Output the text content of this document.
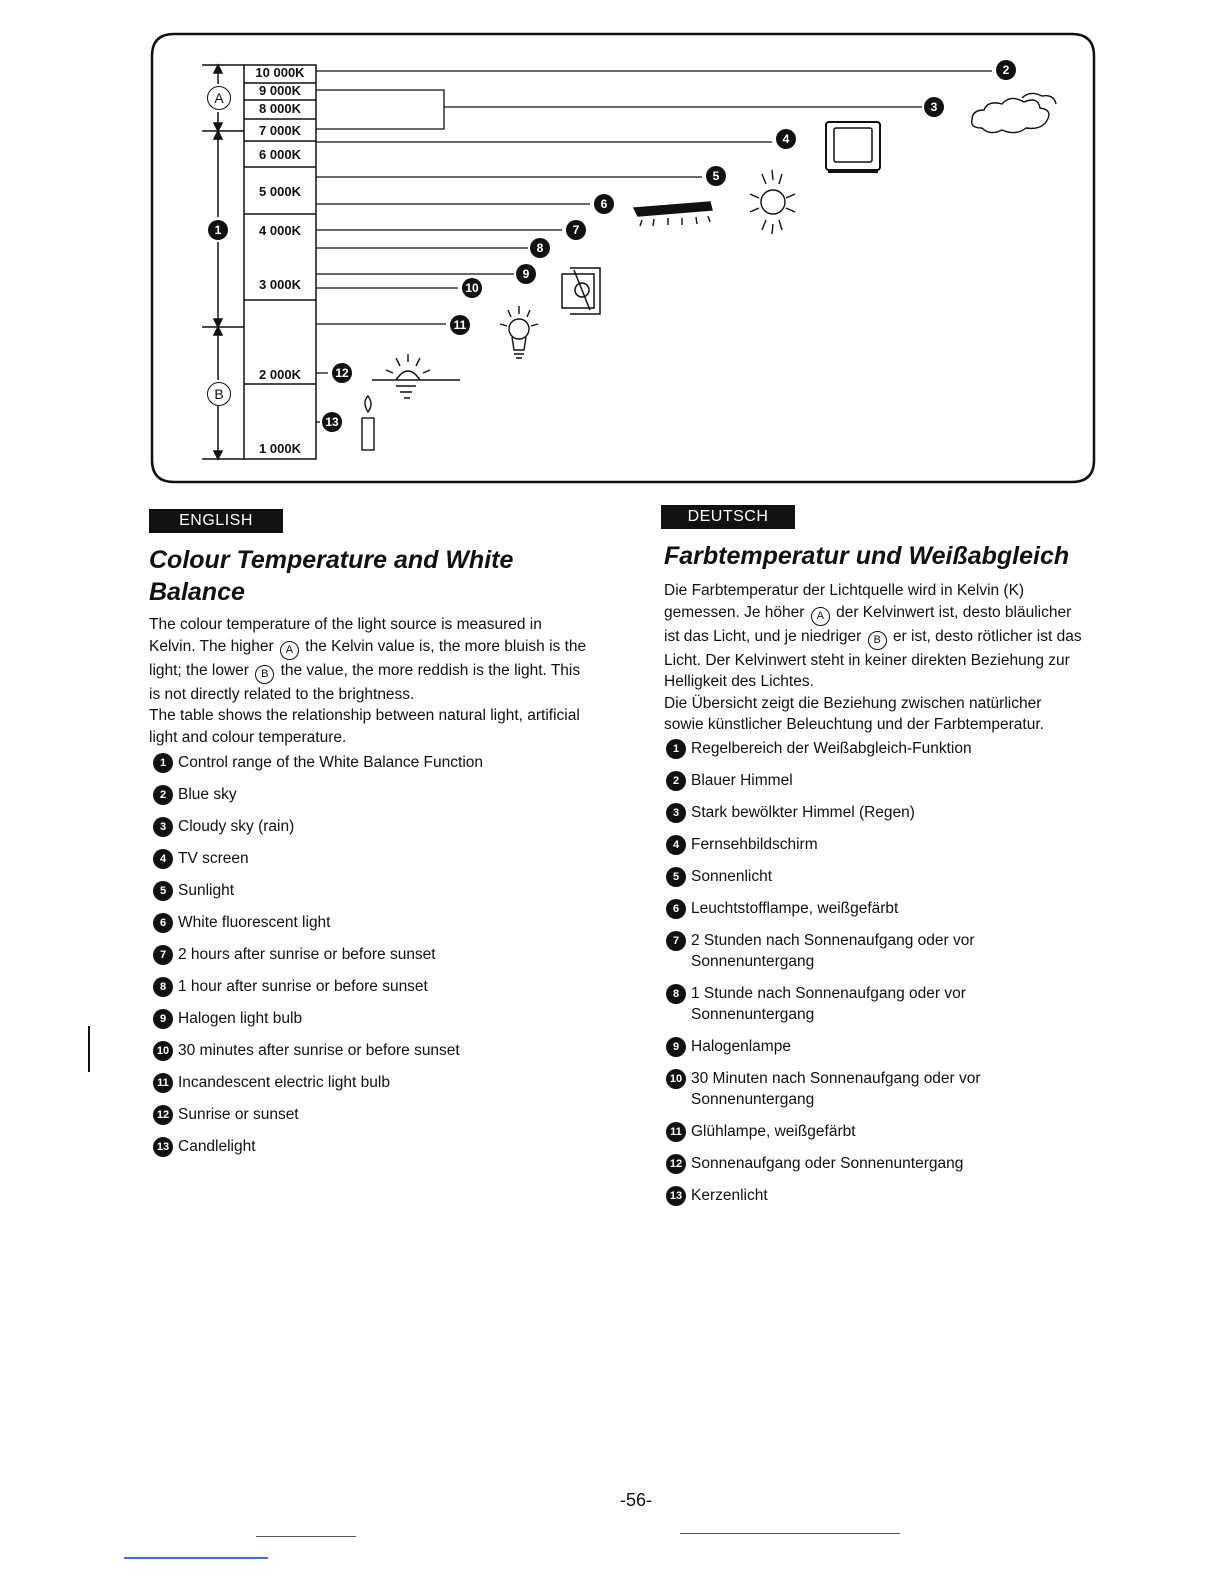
10 000K
9 000K
8 000K
7 000K
6 000K
5 000K
4 000K
3 000K
2 000K
1 000K
A
1
B
2
3
4
5
6
7
8
9
10
11
12
13
ENGLISH
Colour Temperature and White Balance

The colour temperature of the light source is measured in Kelvin. The higher A the Kelvin value is, the more bluish is the light; the lower B the value, the more reddish is the light. This is not directly related to the brightness.

The table shows the relationship between natural light, artificial light and colour temperature.

1 Control range of the White Balance Function
2 Blue sky
3 Cloudy sky (rain)
4 TV screen
5 Sunlight
6 White fluorescent light
7 2 hours after sunrise or before sunset
8 1 hour after sunrise or before sunset
9 Halogen light bulb
10 30 minutes after sunrise or before sunset
11 Incandescent electric light bulb
12 Sunrise or sunset
13 Candlelight
DEUTSCH
Farbtemperatur und Weißabgleich

Die Farbtemperatur der Lichtquelle wird in Kelvin (K) gemessen. Je höher A der Kelvinwert ist, desto bläulicher ist das Licht, und je niedriger B er ist, desto rötlicher ist das Licht. Der Kelvinwert steht in keiner direkten Beziehung zur Helligkeit des Lichtes.

Die Übersicht zeigt die Beziehung zwischen natürlicher sowie künstlicher Beleuchtung und der Farbtemperatur.

1 Regelbereich der Weißabgleich-Funktion
2 Blauer Himmel
3 Stark bewölkter Himmel (Regen)
4 Fernsehbildschirm
5 Sonnenlicht
6 Leuchtstofflampe, weißgefärbt
7 2 Stunden nach Sonnenaufgang oder vor Sonnenuntergang
8 1 Stunde nach Sonnenaufgang oder vor Sonnenuntergang
9 Halogenlampe
10 30 Minuten nach Sonnenaufgang oder vor Sonnenuntergang
11 Glühlampe, weißgefärbt
12 Sonnenaufgang oder Sonnenuntergang
13 Kerzenlicht
-56-
